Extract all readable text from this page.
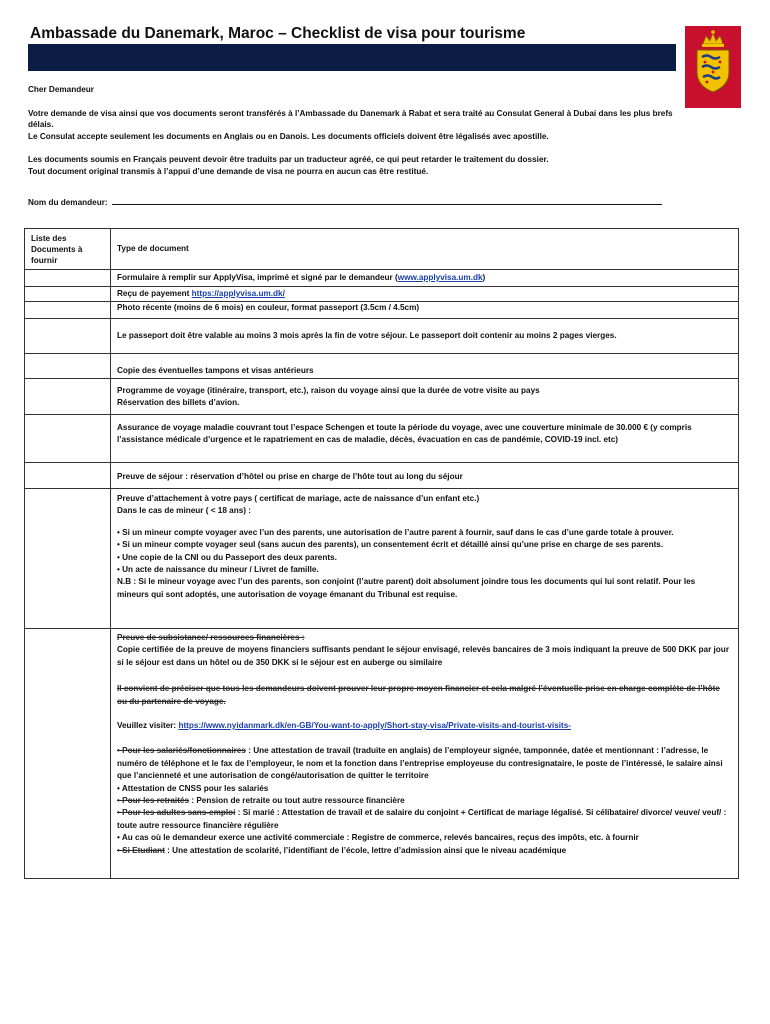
Ambassade du Danemark, Maroc – Checklist de visa pour tourisme

Cher Demandeur

Votre demande de visa ainsi que vos documents seront transférés à l’Ambassade du Danemark à Rabat et sera traité au Consulat General à Dubai dans les plus brefs délais.

Le Consulat accepte seulement les documents en Anglais ou en Danois. Les documents officiels doivent être légalisés avec apostille.

Les documents soumis en Français peuvent devoir être traduits par un traducteur agréé, ce qui peut retarder le traitement du dossier.

Tout document original transmis à l’appui d’une demande de visa ne pourra en aucun cas être restitué.

Nom du demandeur:
Liste des Documents à fournir
Type de document
Formulaire à remplir sur ApplyVisa, imprimé et signé par le demandeur (www.applyvisa.um.dk)
Reçu de payement https://applyvisa.um.dk/
Photo récente (moins de 6 mois) en couleur, format passeport (3.5cm / 4.5cm)
Le passeport doit être valable au moins 3 mois après la fin de votre séjour. Le passeport doit contenir au moins 2 pages vierges.
Copie des éventuelles tampons et visas antérieurs

Programme de voyage (itinéraire, transport, etc.), raison du voyage ainsi que la durée de votre visite au pays

Réservation des billets d’avion.

Assurance de voyage maladie couvrant tout l’espace Schengen et toute la période du voyage, avec une couverture minimale de 30.000 € (y compris l’assistance médicale d’urgence et le rapatriement en cas de maladie, décès, évacuation en cas de pandémie, COVID-19 incl. etc)
Preuve de séjour : réservation d’hôtel ou prise en charge de l’hôte tout au long du séjour

Preuve d’attachement à votre pays ( certificat de mariage, acte de naissance d’un enfant etc.)

Dans le cas de mineur ( < 18 ans) :

• Si un mineur compte voyager avec l’un des parents, une autorisation de l’autre parent à fournir, sauf dans le cas d’une garde totale à prouver.

• Si un mineur compte voyager seul (sans aucun des parents), un consentement écrit et détaillé ainsi qu’une prise en charge de ses parents.

• Une copie de la CNI ou du Passeport des deux parents.

• Un acte de naissance du mineur / Livret de famille.

N.B : Si le mineur voyage avec l’un des parents, son conjoint (l’autre parent) doit absolument joindre tous les documents qui lui sont relatif. Pour les mineurs qui sont adoptés, une autorisation de voyage émanant du Tribunal est requise.

Preuve de subsistance/ ressources financières :

Copie certifiée de la preuve de moyens financiers suffisants pendant le séjour envisagé, relevés bancaires de 3 mois indiquant la preuve de 500 DKK par jour si le séjour est dans un hôtel ou de 350 DKK si le séjour est en auberge ou similaire

Il convient de préciser que tous les demandeurs doivent prouver leur propre moyen financier et cela malgré l’éventuelle prise en charge complète de l’hôte ou du partenaire de voyage.

Veuillez visiter: https://www.nyidanmark.dk/en-GB/You-want-to-apply/Short-stay-visa/Private-visits-and-tourist-visits-

• Pour les salariés/fonctionnaires : Une attestation de travail (traduite en anglais) de l’employeur signée, tamponnée, datée et mentionnant : l’adresse, le numéro de téléphone et le fax de l’employeur, le nom et la fonction dans l’entreprise employeuse du contresignataire, le poste de l’intéressé, le salaire ainsi que l’ancienneté et une autorisation de congé/autorisation de quitter le territoire

• Attestation de CNSS pour les salariés

• Pour les retraités : Pension de retraite ou tout autre ressource financière

• Pour les adultes sans-emploi : Si marié : Attestation de travail et de salaire du conjoint + Certificat de mariage légalisé. Si célibataire/ divorce/ veuve/ veuf/ : toute autre ressource financière régulière

• Au cas où le demandeur exerce une activité commerciale : Registre de commerce, relevés bancaires, reçus des impôts, etc. à fournir

• Si Etudiant : Une attestation de scolarité, l’identifiant de l’école, lettre d’admission ainsi que le niveau académique
